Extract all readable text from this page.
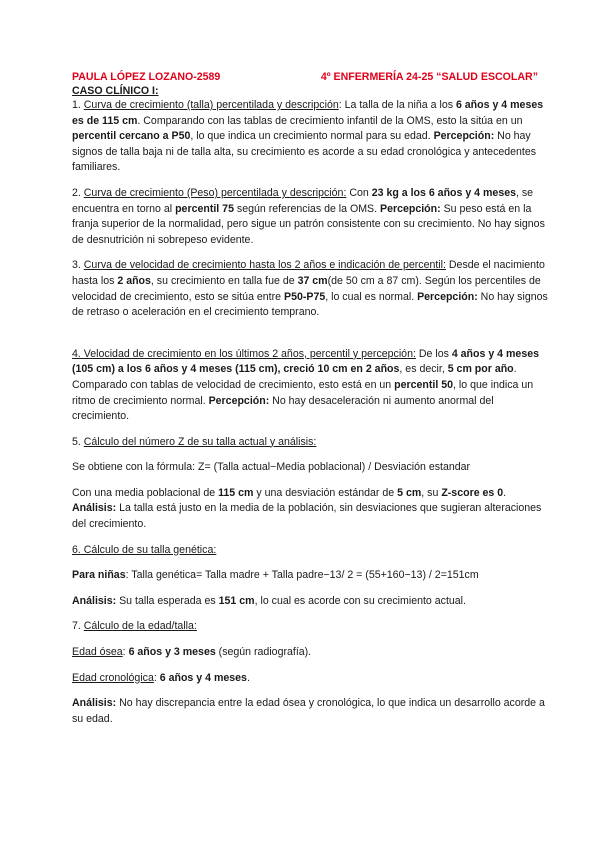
PAULA LÓPEZ LOZANO-2589	4º ENFERMERÍA 24-25 “SALUD ESCOLAR”

CASO CLÍNICO I:

1. Curva de crecimiento (talla) percentilada y descripción: La talla de la niña a los 6 años y 4 meses es de 115 cm. Comparando con las tablas de crecimiento infantil de la OMS, esto la sitúa en un percentil cercano a P50, lo que indica un crecimiento normal para su edad. Percepción: No hay signos de talla baja ni de talla alta, su crecimiento es acorde a su edad cronológica y antecedentes familiares.

2. Curva de crecimiento (Peso) percentilada y descripción: Con 23 kg a los 6 años y 4 meses, se encuentra en torno al percentil 75 según referencias de la OMS. Percepción: Su peso está en la franja superior de la normalidad, pero sigue un patrón consistente con su crecimiento. No hay signos de desnutrición ni sobrepeso evidente.

3. Curva de velocidad de crecimiento hasta los 2 años e indicación de percentil: Desde el nacimiento hasta los 2 años, su crecimiento en talla fue de 37 cm(de 50 cm a 87 cm). Según los percentiles de velocidad de crecimiento, esto se sitúa entre P50-P75, lo cual es normal. Percepción: No hay signos de retraso o aceleración en el crecimiento temprano.

4. Velocidad de crecimiento en los últimos 2 años, percentil y percepción: De los 4 años y 4 meses (105 cm) a los 6 años y 4 meses (115 cm), creció 10 cm en 2 años, es decir, 5 cm por año. Comparado con tablas de velocidad de crecimiento, esto está en un percentil 50, lo que indica un ritmo de crecimiento normal. Percepción: No hay desaceleración ni aumento anormal del crecimiento.

5. Cálculo del número Z de su talla actual y análisis:

Se obtiene con la fórmula: Z= (Talla actual−Media poblacional) / Desviación estandar

Con una media poblacional de 115 cm y una desviación estándar de 5 cm, su Z-score es 0. Análisis: La talla está justo en la media de la población, sin desviaciones que sugieran alteraciones del crecimiento.

6. Cálculo de su talla genética:

Para niñas: Talla genética= Talla madre + Talla padre−13/ 2 = (55+160−13) / 2=151cm

Análisis: Su talla esperada es 151 cm, lo cual es acorde con su crecimiento actual.

7. Cálculo de la edad/talla:

Edad ósea: 6 años y 3 meses (según radiografía).

Edad cronológica: 6 años y 4 meses.

Análisis: No hay discrepancia entre la edad ósea y cronológica, lo que indica un desarrollo acorde a su edad.
